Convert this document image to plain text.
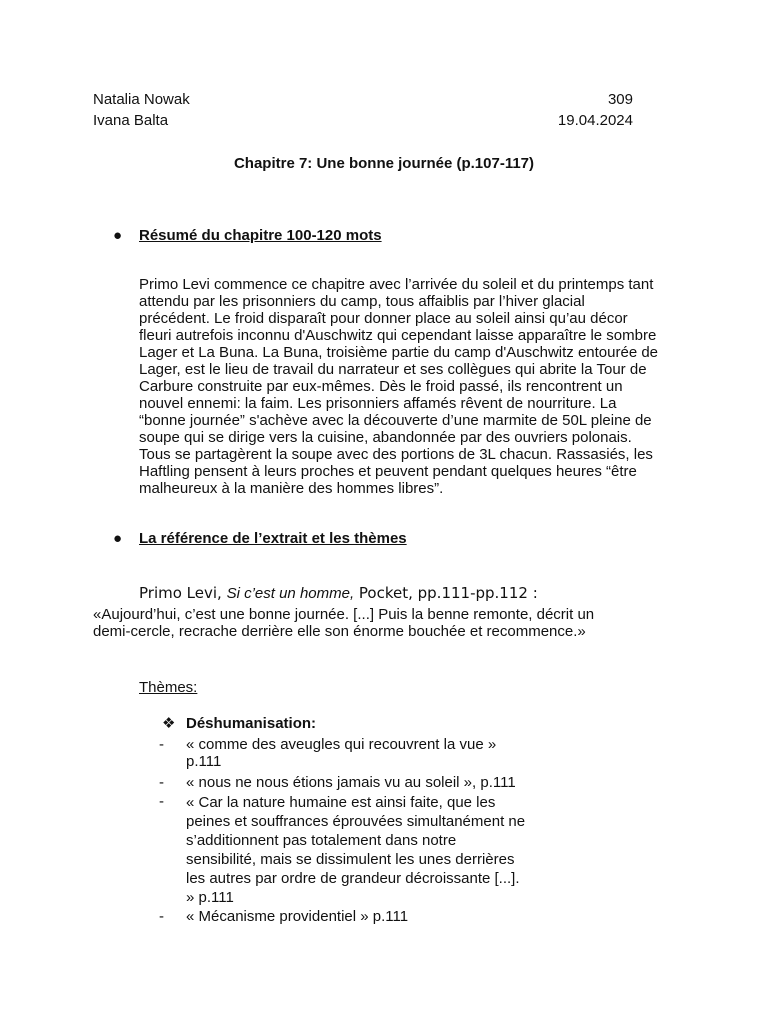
Natalia Nowak	309
Ivana Balta	19.04.2024
Chapitre 7: Une bonne journée (p.107-117)
●	Résumé du chapitre 100-120 mots

Primo Levi commence ce chapitre avec l’arrivée du soleil et du printemps tant

attendu par les prisonniers du camp, tous affaiblis par l’hiver glacial

précédent. Le froid disparaît pour donner place au soleil ainsi qu’au décor

fleuri autrefois inconnu d'Auschwitz qui cependant laisse apparaître le sombre

Lager et La Buna. La Buna, troisième partie du camp d'Auschwitz entourée de

Lager, est le lieu de travail du narrateur et ses collègues qui abrite la Tour de

Carbure construite par eux-mêmes. Dès le froid passé, ils rencontrent un

nouvel ennemi: la faim. Les prisonniers affamés rêvent de nourriture. La

“bonne journée” s'achève avec la découverte d’une marmite de 50L pleine de

soupe qui se dirige vers la cuisine, abandonnée par des ouvriers polonais.

Tous se partagèrent la soupe avec des portions de 3L chacun. Rassasiés, les

Haftling pensent à leurs proches et peuvent pendant quelques heures “être

malheureux à la manière des hommes libres”.

●	La référence de l’extrait et les thèmes
Primo Levi, Si c’est un homme, Pocket, pp.111-pp.112 :
«Aujourd’hui, c’est une bonne journée. [...] Puis la benne remonte, décrit un
demi-cercle, recrache derrière elle son énorme bouchée et recommence.»
Thèmes:
❖ Déshumanisation:
-	« comme des aveugles qui recouvrent la vue »
p.111
-	« nous ne nous étions jamais vu au soleil », p.111
-	« Car la nature humaine est ainsi faite, que les
peines et souffrances éprouvées simultanément ne
s’additionnent pas totalement dans notre
sensibilité, mais se dissimulent les unes derrières
les autres par ordre de grandeur décroissante [...].
» p.111
-	« Mécanisme providentiel » p.111
